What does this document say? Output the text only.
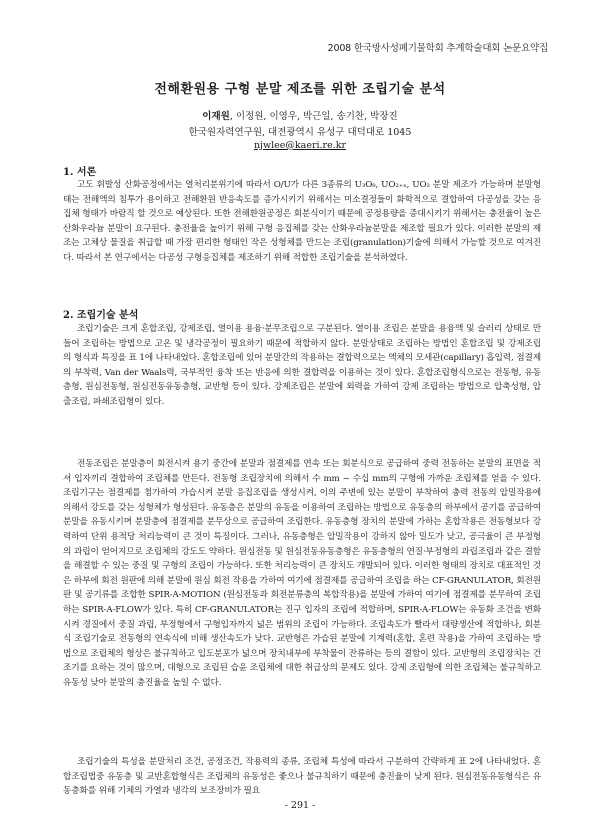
2008 한국방사성폐기물학회 추계학술대회 논문요약집
전해환원용 구형 분말 제조를 위한 조립기술 분석
이재원, 이정원, 이영우, 박근일, 송기찬, 박장진
한국원자력연구원, 대전광역시 유성구 대덕대로 1045
njwlee@kaeri.re.kr
1. 서론

고도 휘발성 산화공정에서는 열처리분위기에 따라서 O/U가 다른 3종류의 U₃O₈, UO₂₊ₓ, UO₂ 분말 제조가 가능하며 분말형태는 전해액의 침투가 용이하고 전해환원 반응속도를 증가시키기 위해서는 미소결정들이 화학적으로 결합하여 다공성을 갖는 응집체 형태가 바람직 할 것으로 예상된다. 또한 전해환원공정은 회분식이기 때문에 공정용량을 증대시키기 위해서는 충전율이 높은 산화우라늄 분말이 요구된다. 충전율을 높이기 위해 구형 응집체를 갖는 산화우라늄분말을 제조할 필요가 있다. 이러한 분말의 제조는 고체상 물질을 취급할 때 가장 편리한 형태인 작은 성형체를 만드는 조립(granulation)기술에 의해서 가능할 것으로 여겨진다. 따라서 본 연구에서는 다공성 구형응집체를 제조하기 위해 적합한 조립기술을 분석하였다.

2. 조립기술 분석

조립기술은 크게 혼합조립, 강제조립, 열이용 용융·분무조립으로 구분된다. 열이용 조립은 분말을 용융액 및 슬러리 상태로 만들어 조립하는 방법으로 고온 및 냉각공정이 필요하기 때문에 적합하지 않다. 분말상태로 조립하는 방법인 혼합조립 및 강제조립의 형식과 특징을 표 1에 나타내었다. 혼합조립에 있어 분말간의 작용하는 결합력으로는 액체의 모세관(capillary) 흡입력, 점결제의 부착력, Van der Waals력, 국부적인 융착 또는 반응에 의한 결합력을 이용하는 것이 있다. 혼합조립형식으로는 전동형, 유동층형, 원심전동형, 원심전동유동층형, 교반형 등이 있다. 강제조립은 분말에 외력을 가하여 강제 조립하는 방법으로 압축성형, 압출조립, 파쇄조립형이 있다.

전동조립은 분말층이 회전시켜 용기 중간에 분말과 점결제를 연속 또는 회분식으로 공급하여 중력 전동하는 분말의 표면을 적셔 입자끼리 결합하여 조립체를 만든다. 전동형 조립장치에 의해서 수 mm ~ 수십 mm의 구형에 가까운 조립체를 얻을 수 있다. 조립기구는 점결제를 첨가하여 가습시켜 분말 응집조립을 생성시켜, 이의 주변에 있는 분말이 부착하여 충력 전동의 압밀작용에 의해서 강도를 갖는 성형체가 형성된다. 유동층은 분말의 유동을 이용하여 조립하는 방법으로 유동층의 하부에서 공기를 공급하여 분말을 유동시키며 분말층에 점결제를 분무상으로 공급하여 조립한다. 유동층형 장치의 분말에 가하는 혼합작용은 전동형보다 강력하여 단위 용적당 처리능력이 큰 것이 특징이다. 그러나, 유동층형은 압밀작용이 강하지 않아 밀도가 낮고, 공극율이 큰 부정형의 과립이 얻어지므로 조립체의 강도도 약하다. 원심전동 및 원심전동유동층형은 유동층형의 연질·부정형의 과립조립과 같은 결함을 해결할 수 있는 중질 및 구형의 조립이 가능하다. 또한 처리능력이 큰 장치도 개발되어 있다. 이러한 형태의 장치로 대표적인 것은 하부에 회전 원판에 의해 분말에 원심 회전 작용을 가하여 여기에 점결제를 공급하여 조립을 하는 CF-GRANULATOR, 회전원판 및 공기류를 조합한 SPIR-A-MOTION (원심전동과 회전분류층의 복합작용)을 분말에 가하여 여기에 점결제를 분무하여 조립하는 SPIR-A-FLOW가 있다. 특히 CF-GRANULATOR는 진구 입자의 조립에 적합하며, SPIR-A-FLOW는 유동화 조건을 변화시켜 경질에서 중질 과립, 부정형에서 구형입자까지 넓은 범위의 조립이 가능하다. 조립속도가 빨라서 대량생산에 적합하나, 회분식 조립기술로 전동형의 연속식에 비해 생산속도가 낮다. 교반형은 가습된 분말에 기계력(혼합, 혼련 작용)을 가하여 조립하는 방법으로 조립체의 형상은 불규칙하고 입도분포가 넓으며 장치내부에 부착물이 잔류하는 등의 결함이 있다. 교반형의 조립장치는 건조기를 요하는 것이 많으며, 대형으로 조립된 습윤 조립체에 대한 취급상의 문제도 있다. 강제 조립형에 의한 조립체는 불규칙하고 유동성 낮아 분말의 충진율을 높일 수 없다.

조립기술의 특성을 분말처리 조건, 공정조건, 작용력의 종류, 조립체 특성에 따라서 구분하여 간략하게 표 2에 나타내었다. 혼합조립법중 유동층 및 교반혼합형식은 조립체의 유동성은 좋으나 불규칙하기 때문에 충진율이 낮게 된다. 원심전동유동형식은 유동층화를 위해 기체의 가열과 냉각의 보조장비가 필요

- 291 -
